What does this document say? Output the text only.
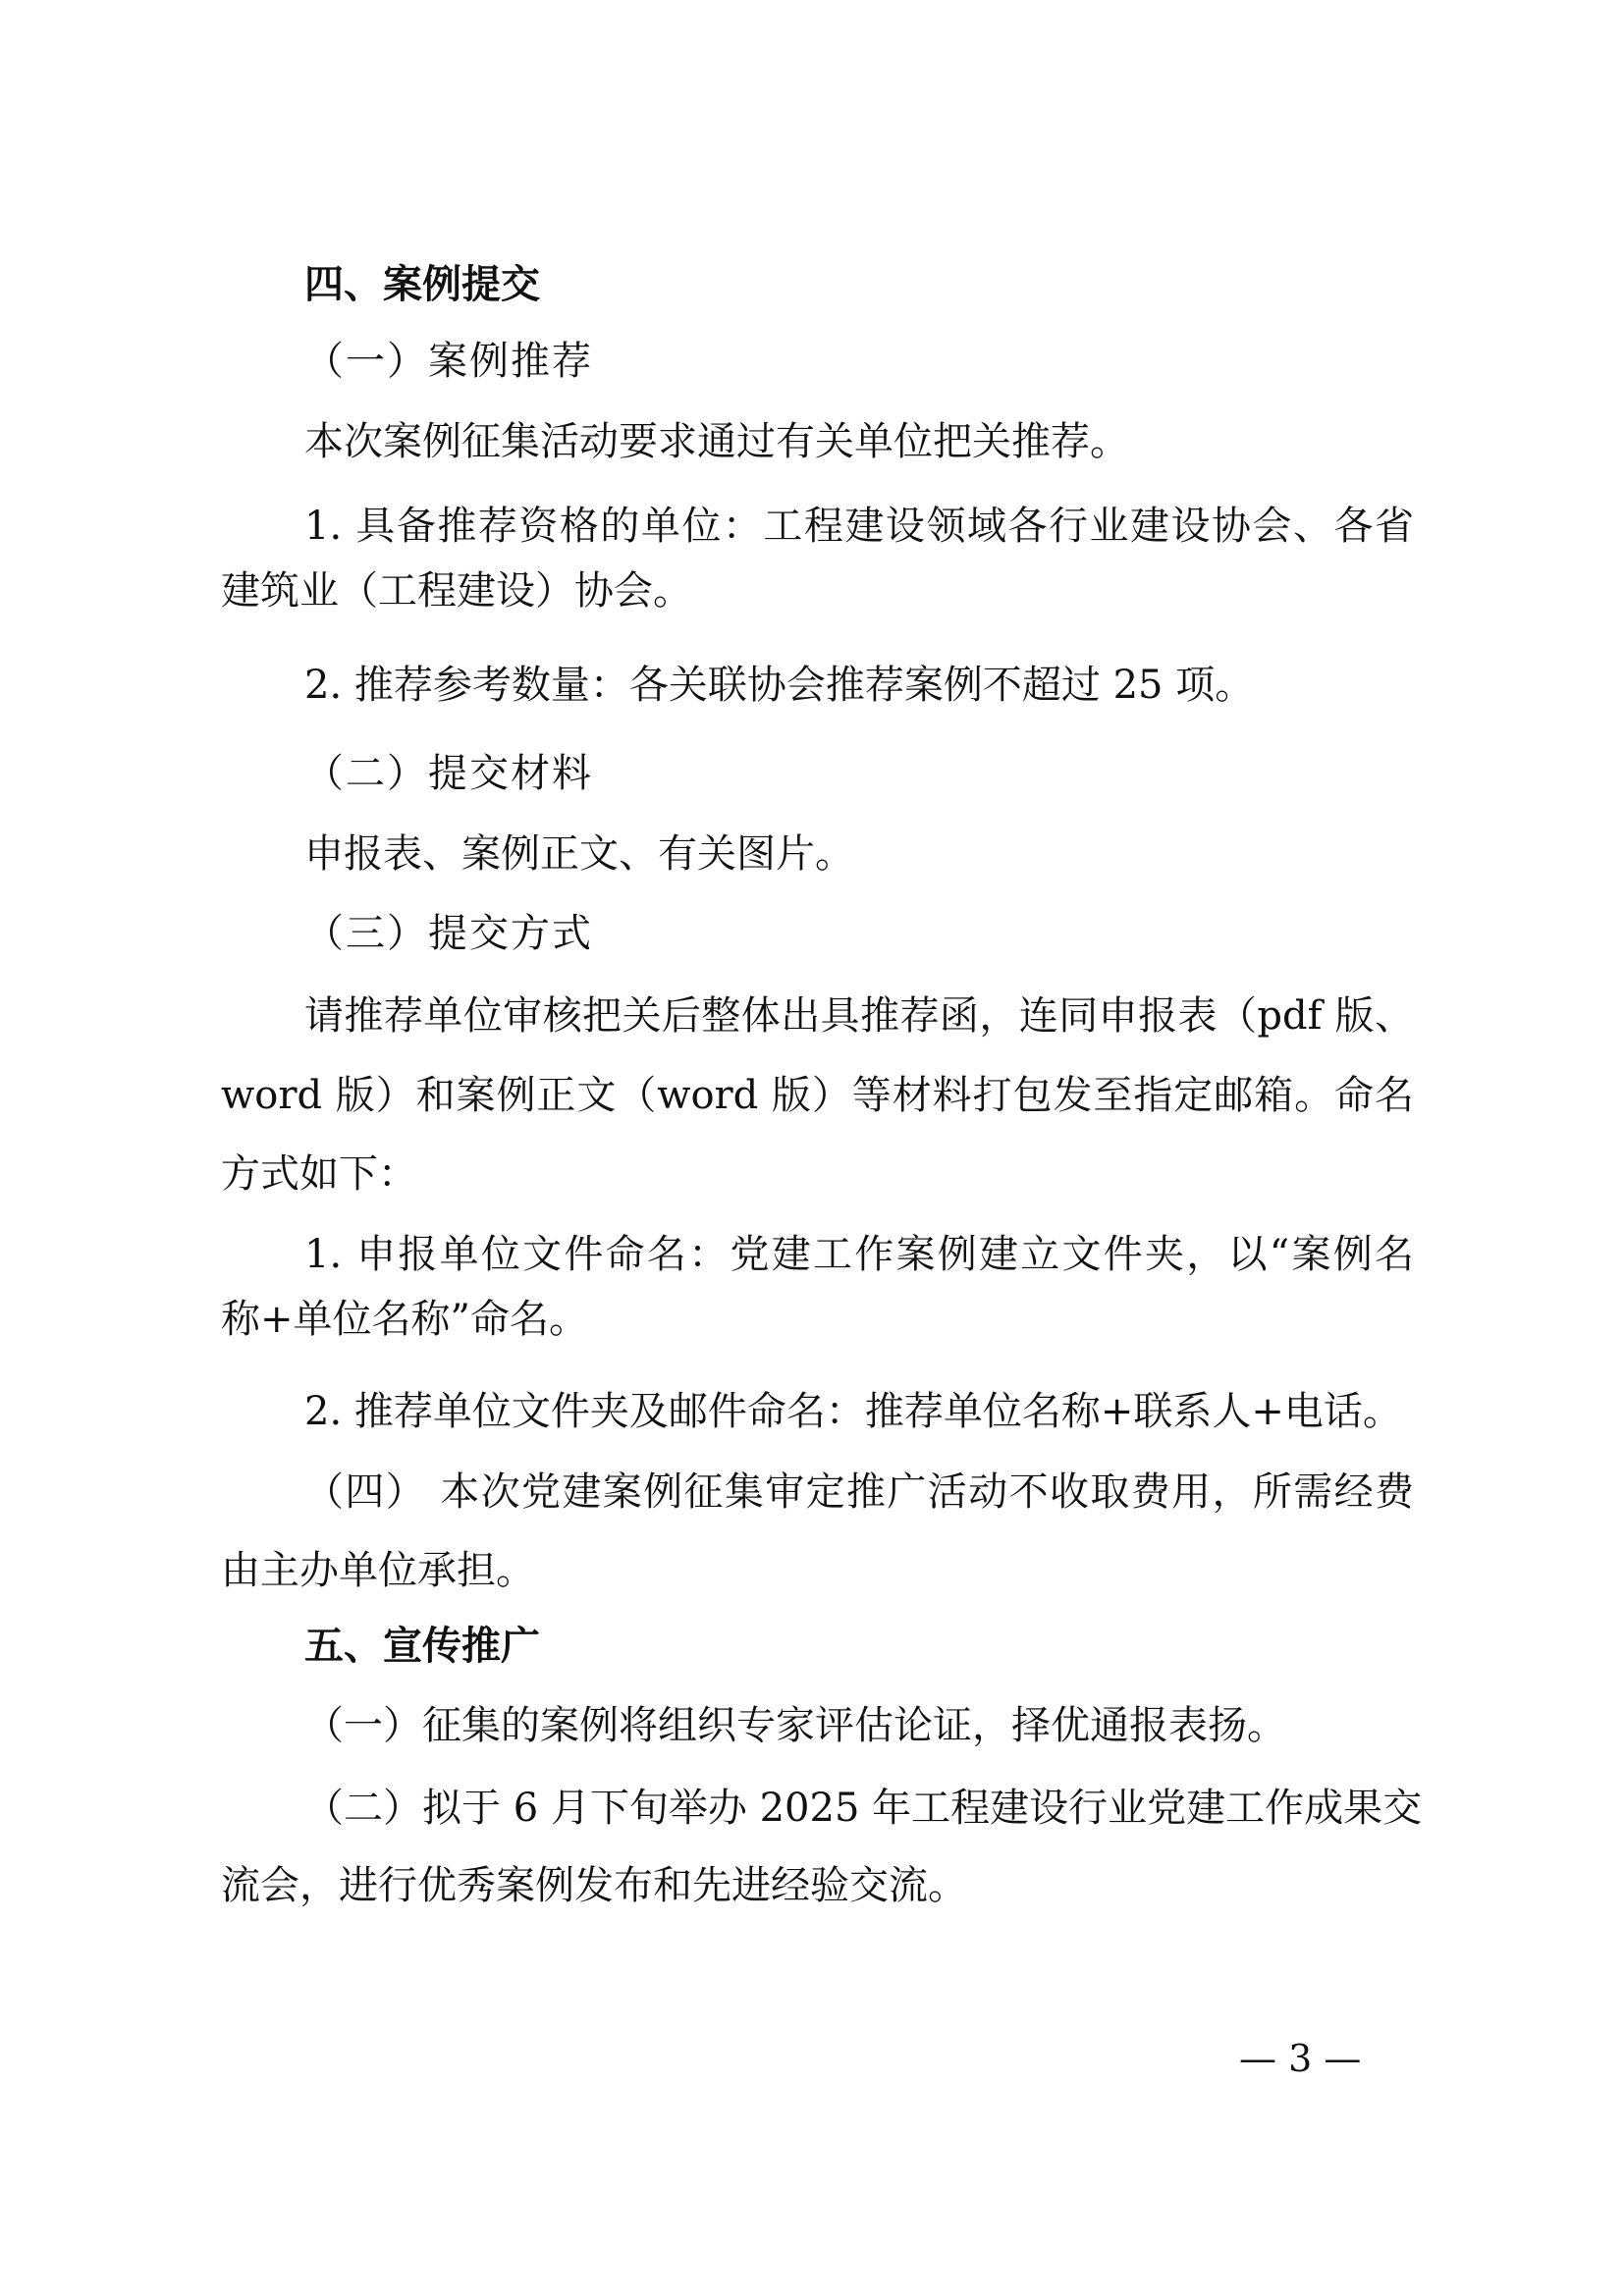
四、案例提交
（一）案例推荐
本次案例征集活动要求通过有关单位把关推荐。
1. 具备推荐资格的单位：工程建设领域各行业建设协会、各省
建筑业（工程建设）协会。
2. 推荐参考数量：各关联协会推荐案例不超过 25 项。
（二）提交材料
申报表、案例正文、有关图片。
（三）提交方式
请推荐单位审核把关后整体出具推荐函，连同申报表（pdf 版、
word 版）和案例正文（word 版）等材料打包发至指定邮箱。命名
方式如下：
1. 申报单位文件命名：党建工作案例建立文件夹，以“案例名
称+单位名称”命名。
2. 推荐单位文件夹及邮件命名：推荐单位名称+联系人+电话。
（四） 本次党建案例征集审定推广活动不收取费用，所需经费
由主办单位承担。
五、宣传推广
（一）征集的案例将组织专家评估论证，择优通报表扬。
（二）拟于 6 月下旬举办 2025 年工程建设行业党建工作成果交
流会，进行优秀案例发布和先进经验交流。
— 3 —
